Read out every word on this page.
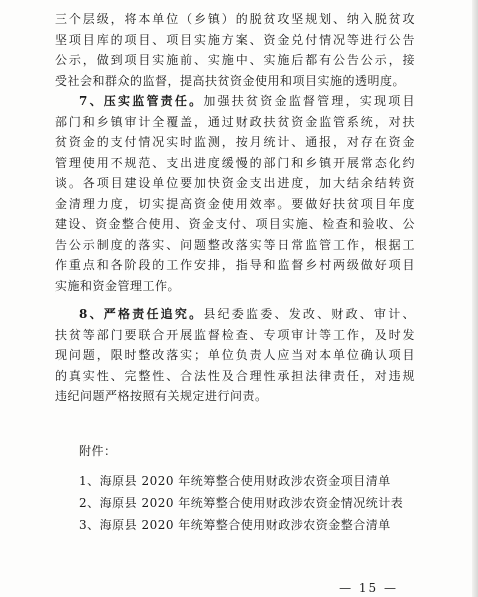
三个层级，将本单位（乡镇）的脱贫攻坚规划、纳入脱贫攻
坚项目库的项目、项目实施方案、资金兑付情况等进行公告
公示，做到项目实施前、实施中、实施后都有公告公示，接
受社会和群众的监督，提高扶贫资金使用和项目实施的透明度。
7、压实监管责任。加强扶贫资金监督管理，实现项目
部门和乡镇审计全覆盖，通过财政扶贫资金监管系统，对扶
贫资金的支付情况实时监测，按月统计、通报，对存在资金
管理使用不规范、支出进度缓慢的部门和乡镇开展常态化约
谈。各项目建设单位要加快资金支出进度，加大结余结转资
金清理力度，切实提高资金使用效率。要做好扶贫项目年度
建设、资金整合使用、资金支付、项目实施、检查和验收、公
告公示制度的落实、问题整改落实等日常监管工作，根据工
作重点和各阶段的工作安排，指导和监督乡村两级做好项目
实施和资金管理工作。
8、严格责任追究。县纪委监委、发改、财政、审计、
扶贫等部门要联合开展监督检查、专项审计等工作，及时发
现问题，限时整改落实；单位负责人应当对本单位确认项目
的真实性、完整性、合法性及合理性承担法律责任，对违规
违纪问题严格按照有关规定进行问责。
附件：
1、海原县 2020 年统筹整合使用财政涉农资金项目清单
2、海原县 2020 年统筹整合使用财政涉农资金情况统计表
3、海原县 2020 年统筹整合使用财政涉农资金整合清单
— 15 —
